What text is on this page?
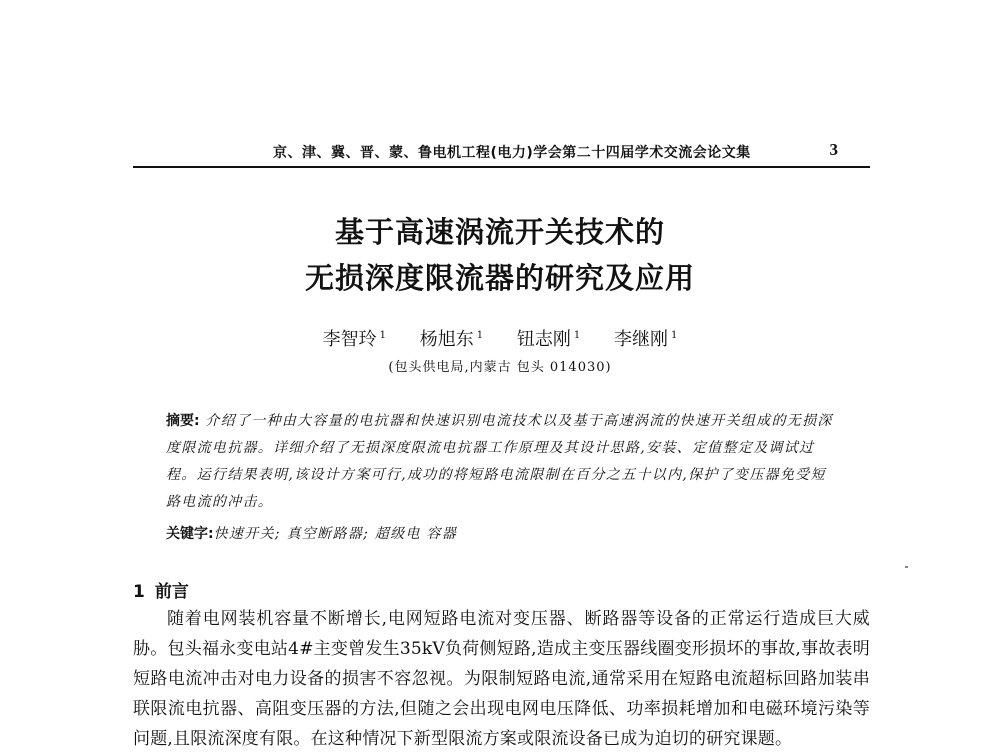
京、津、冀、晋、蒙、鲁电机工程(电力)学会第二十四届学术交流会论文集	3
基于高速涡流开关技术的
无损深度限流器的研究及应用
李智玲 $^1$ 杨旭东 $^1$ 钮志刚 $^1$ 李继刚 $^1$
(包头供电局,内蒙古 包头 014030)
摘要: 介绍了一种由大容量的电抗器和快速识别电流技术以及基于高速涡流的快速开关组成的无损深度限流电抗器。详细介绍了无损深度限流电抗器工作原理及其设计思路,安装、定值整定及调试过程。运行结果表明,该设计方案可行,成功的将短路电流限制在百分之五十以内,保护了变压器免受短路电流的冲击。
关键字:快速开关; 真空断路器; 超级电 容器
1 前言
随着电网装机容量不断增长,电网短路电流对变压器、断路器等设备的正常运行造成巨大威胁。包头福永变电站4#主变曾发生35kV负荷侧短路,造成主变压器线圈变形损坏的事故,事故表明短路电流冲击对电力设备的损害不容忽视。为限制短路电流,通常采用在短路电流超标回路加装串联限流电抗器、高阻变压器的方法,但随之会出现电网电压降低、功率损耗增加和电磁环境污染等问题,且限流深度有限。在这种情况下新型限流方案或限流设备已成为迫切的研究课题。
